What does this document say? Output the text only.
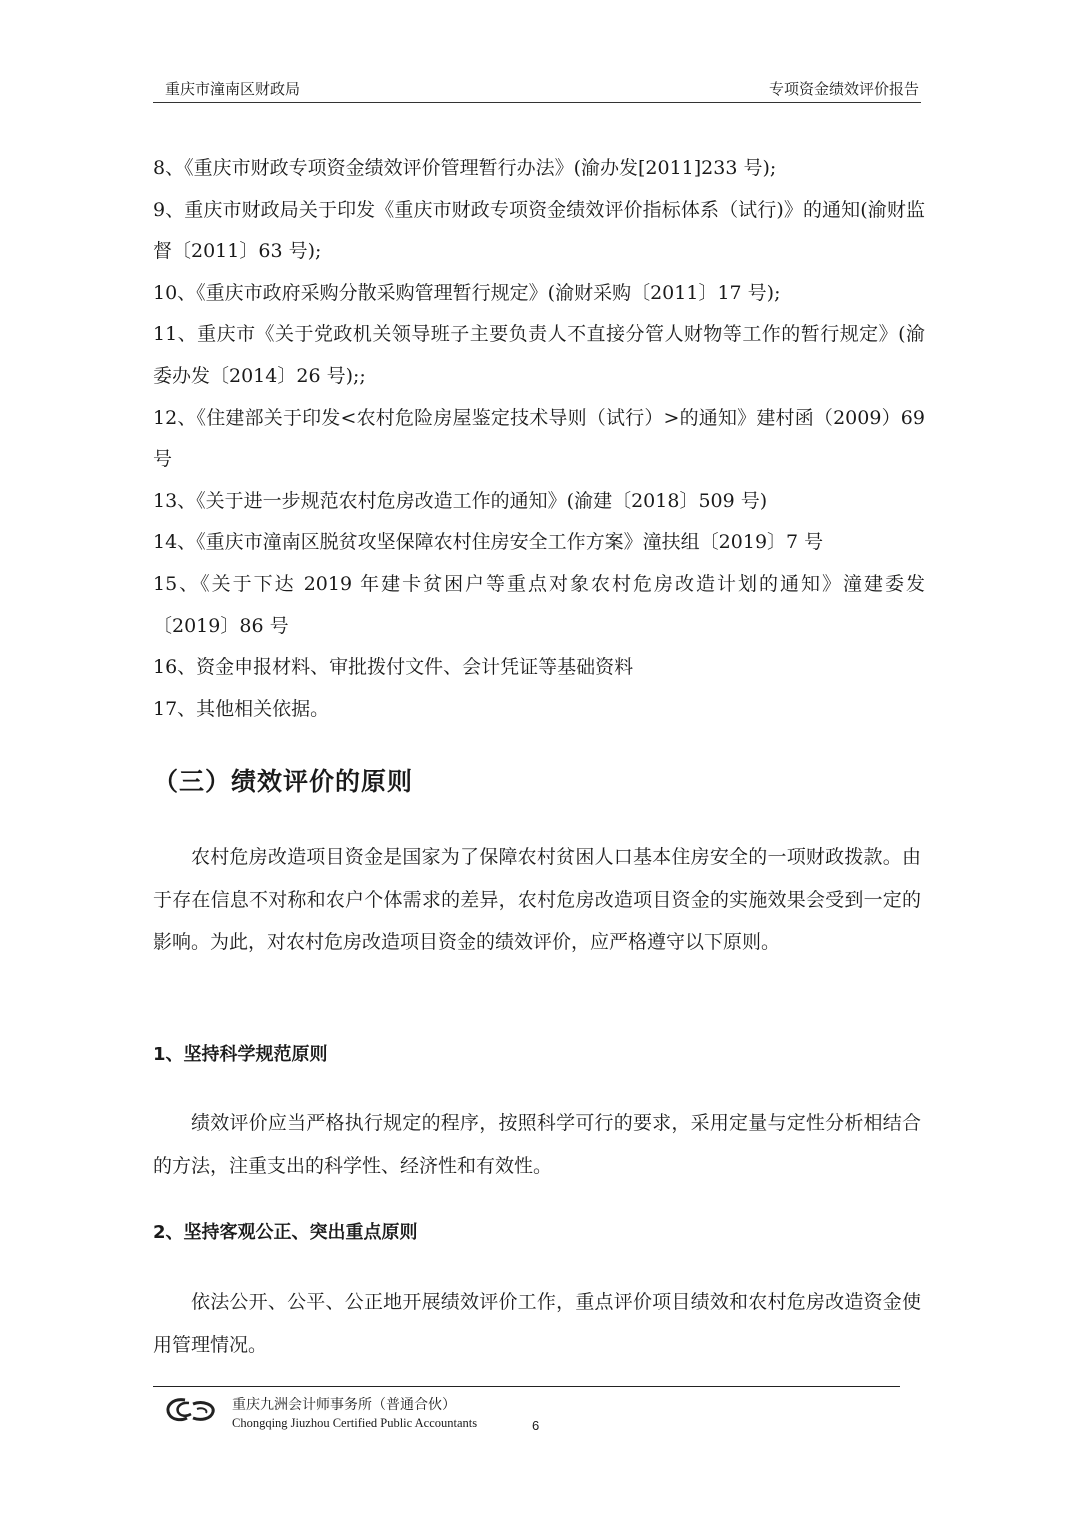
重庆市潼南区财政局	专项资金绩效评价报告

8、《重庆市财政专项资金绩效评价管理暂行办法》(渝办发[2011]233 号);

9、重庆市财政局关于印发《重庆市财政专项资金绩效评价指标体系（试行)》的通知(渝财监督〔2011〕63 号);

10、《重庆市政府采购分散采购管理暂行规定》(渝财采购〔2011〕17 号);

11、重庆市《关于党政机关领导班子主要负责人不直接分管人财物等工作的暂行规定》(渝委办发〔2014〕26 号);;

12、《住建部关于印发<农村危险房屋鉴定技术导则（试行）>的通知》建村函（2009）69 号

13、《关于进一步规范农村危房改造工作的通知》(渝建〔2018〕509 号)

14、《重庆市潼南区脱贫攻坚保障农村住房安全工作方案》潼扶组〔2019〕7 号

15、《关于下达 2019 年建卡贫困户等重点对象农村危房改造计划的通知》潼建委发〔2019〕86 号

16、资金申报材料、审批拨付文件、会计凭证等基础资料

17、其他相关依据。

（三）绩效评价的原则

农村危房改造项目资金是国家为了保障农村贫困人口基本住房安全的一项财政拨款。由于存在信息不对称和农户个体需求的差异，农村危房改造项目资金的实施效果会受到一定的影响。为此，对农村危房改造项目资金的绩效评价，应严格遵守以下原则。

1、坚持科学规范原则

绩效评价应当严格执行规定的程序，按照科学可行的要求，采用定量与定性分析相结合的方法，注重支出的科学性、经济性和有效性。

2、坚持客观公正、突出重点原则

依法公开、公平、公正地开展绩效评价工作，重点评价项目绩效和农村危房改造资金使用管理情况。

重庆九洲会计师事务所（普通合伙）
Chongqing Jiuzhou Certified Public Accountants	6
